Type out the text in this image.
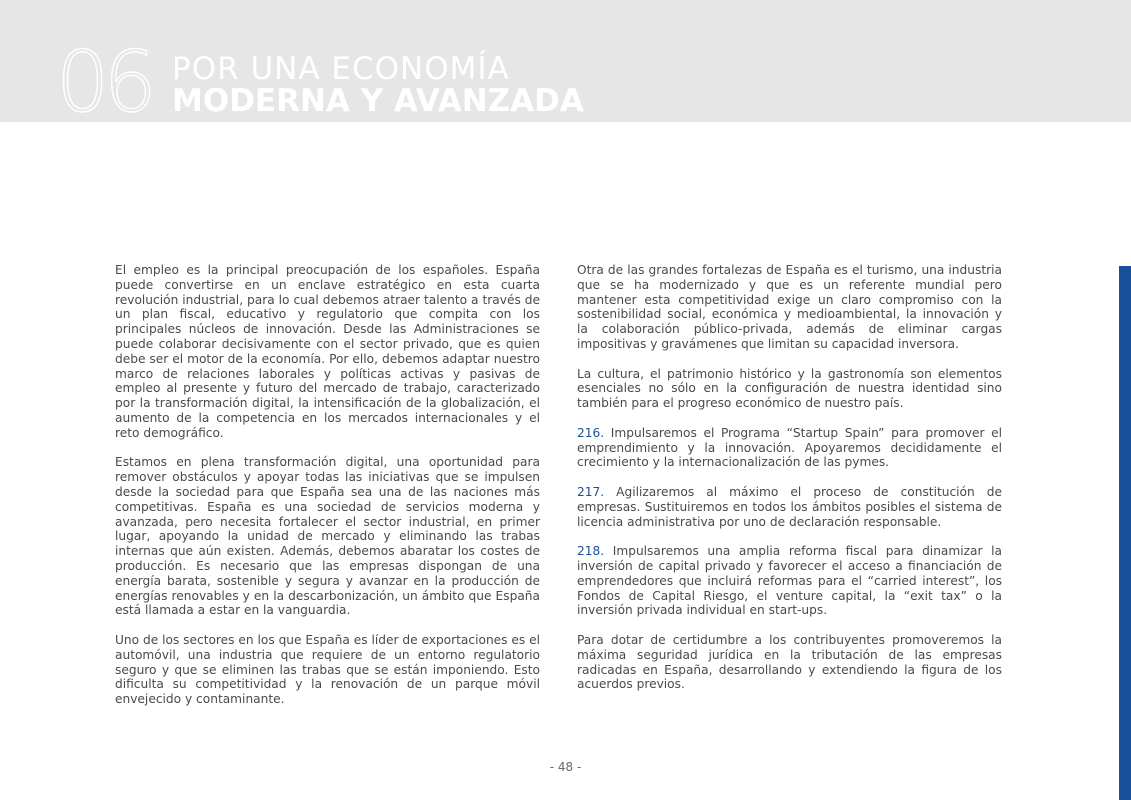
06 POR UNA ECONOMÍA
MODERNA Y AVANZADA

El empleo es la principal preocupación de los españoles. España puede convertirse en un enclave estratégico en esta cuarta revolución industrial, para lo cual debemos atraer talento a través de un plan fiscal, educativo y regulatorio que compita con los principales núcleos de innovación. Desde las Administraciones se puede colaborar decisivamente con el sector privado, que es quien debe ser el motor de la economía. Por ello, debemos adaptar nuestro marco de relaciones laborales y políticas activas y pasivas de empleo al presente y futuro del mercado de trabajo, caracterizado por la transformación digital, la intensificación de la globalización, el aumento de la competencia en los mercados internacionales y el reto demográfico.

Estamos en plena transformación digital, una oportunidad para remover obstáculos y apoyar todas las iniciativas que se impulsen desde la sociedad para que España sea una de las naciones más competitivas. España es una sociedad de servicios moderna y avanzada, pero necesita fortalecer el sector industrial, en primer lugar, apoyando la unidad de mercado y eliminando las trabas internas que aún existen. Además, debemos abaratar los costes de producción. Es necesario que las empresas dispongan de una energía barata, sostenible y segura y avanzar en la producción de energías renovables y en la descarbonización, un ámbito que España está llamada a estar en la vanguardia.

Uno de los sectores en los que España es líder de exportaciones es el automóvil, una industria que requiere de un entorno regulatorio seguro y que se eliminen las trabas que se están imponiendo. Esto dificulta su competitividad y la renovación de un parque móvil envejecido y contaminante.

Otra de las grandes fortalezas de España es el turismo, una industria que se ha modernizado y que es un referente mundial pero mantener esta competitividad exige un claro compromiso con la sostenibilidad social, económica y medioambiental, la innovación y la colaboración público-privada, además de eliminar cargas impositivas y gravámenes que limitan su capacidad inversora.

La cultura, el patrimonio histórico y la gastronomía son elementos esenciales no sólo en la configuración de nuestra identidad sino también para el progreso económico de nuestro país.

216. Impulsaremos el Programa “Startup Spain” para promover el emprendimiento y la innovación. Apoyaremos decididamente el crecimiento y la internacionalización de las pymes.

217. Agilizaremos al máximo el proceso de constitución de empresas. Sustituiremos en todos los ámbitos posibles el sistema de licencia administrativa por uno de declaración responsable.

218. Impulsaremos una amplia reforma fiscal para dinamizar la inversión de capital privado y favorecer el acceso a financiación de emprendedores que incluirá reformas para el “carried interest”, los Fondos de Capital Riesgo, el venture capital, la “exit tax” o la inversión privada individual en start-ups.

Para dotar de certidumbre a los contribuyentes promoveremos la máxima seguridad jurídica en la tributación de las empresas radicadas en España, desarrollando y extendiendo la figura de los acuerdos previos.

- 48 -
